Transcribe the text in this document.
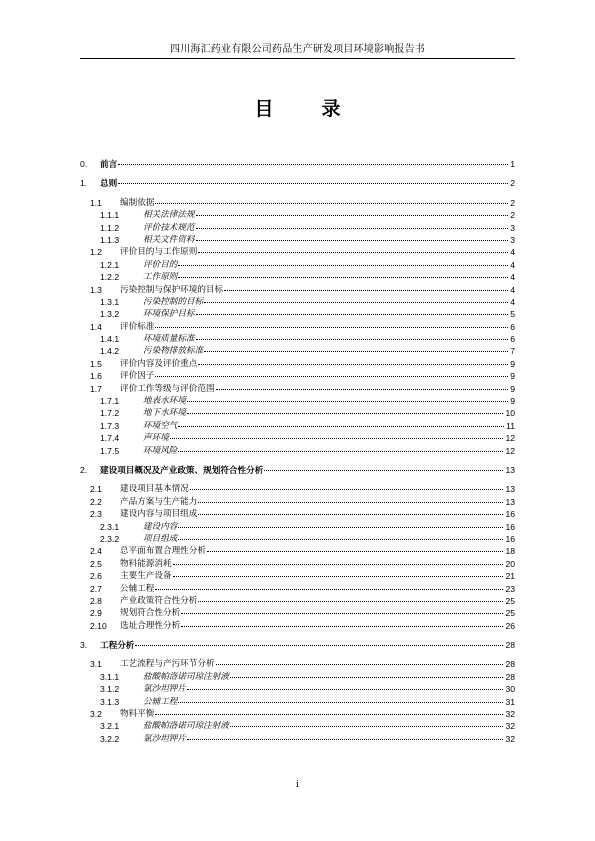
四川海汇药业有限公司药品生产研发项目环境影响报告书
目	录
0. 前言	1
1. 总则	2
1.1 编制依据	2
1.1.1	相关法律法规	2
1.1.2	评价技术规范	3
1.1.3	相关文件资料	3
1.2 评价目的与工作原则	4
1.2.1	评价目的	4
1.2.2	工作原则	4
1.3 污染控制与保护环境的目标	4
1.3.1	污染控制的目标	4
1.3.2	环境保护目标	5
1.4 评价标准	6
1.4.1	环境质量标准	6
1.4.2	污染物排放标准	7
1.5 评价内容及评价重点	9
1.6 评价因子	9
1.7 评价工作等级与评价范围	9
1.7.1	地表水环境	9
1.7.2	地下水环境	10
1.7.3	环境空气	11
1.7.4	声环境	12
1.7.5	环境风险	12
2. 建设项目概况及产业政策、规划符合性分析	13
2.1 建设项目基本情况	13
2.2 产品方案与生产能力	13
2.3 建设内容与项目组成	16
2.3.1	建设内容	16
2.3.2	项目组成	16
2.4 总平面布置合理性分析	18
2.5 物料能源消耗	20
2.6 主要生产设备	21
2.7 公辅工程	23
2.8 产业政策符合性分析	25
2.9 规划符合性分析	25
2.10 选址合理性分析	26
3. 工程分析	28
3.1 工艺流程与产污环节分析	28
3.1.1	盐酸帕洛诺司琼注射液	28
3.1.2	氯沙坦钾片	30
3.1.3	公辅工程	31
3.2 物料平衡	32
3.2.1	盐酸帕洛诺司琼注射液	32
3.2.2	氯沙坦钾片	32
i
